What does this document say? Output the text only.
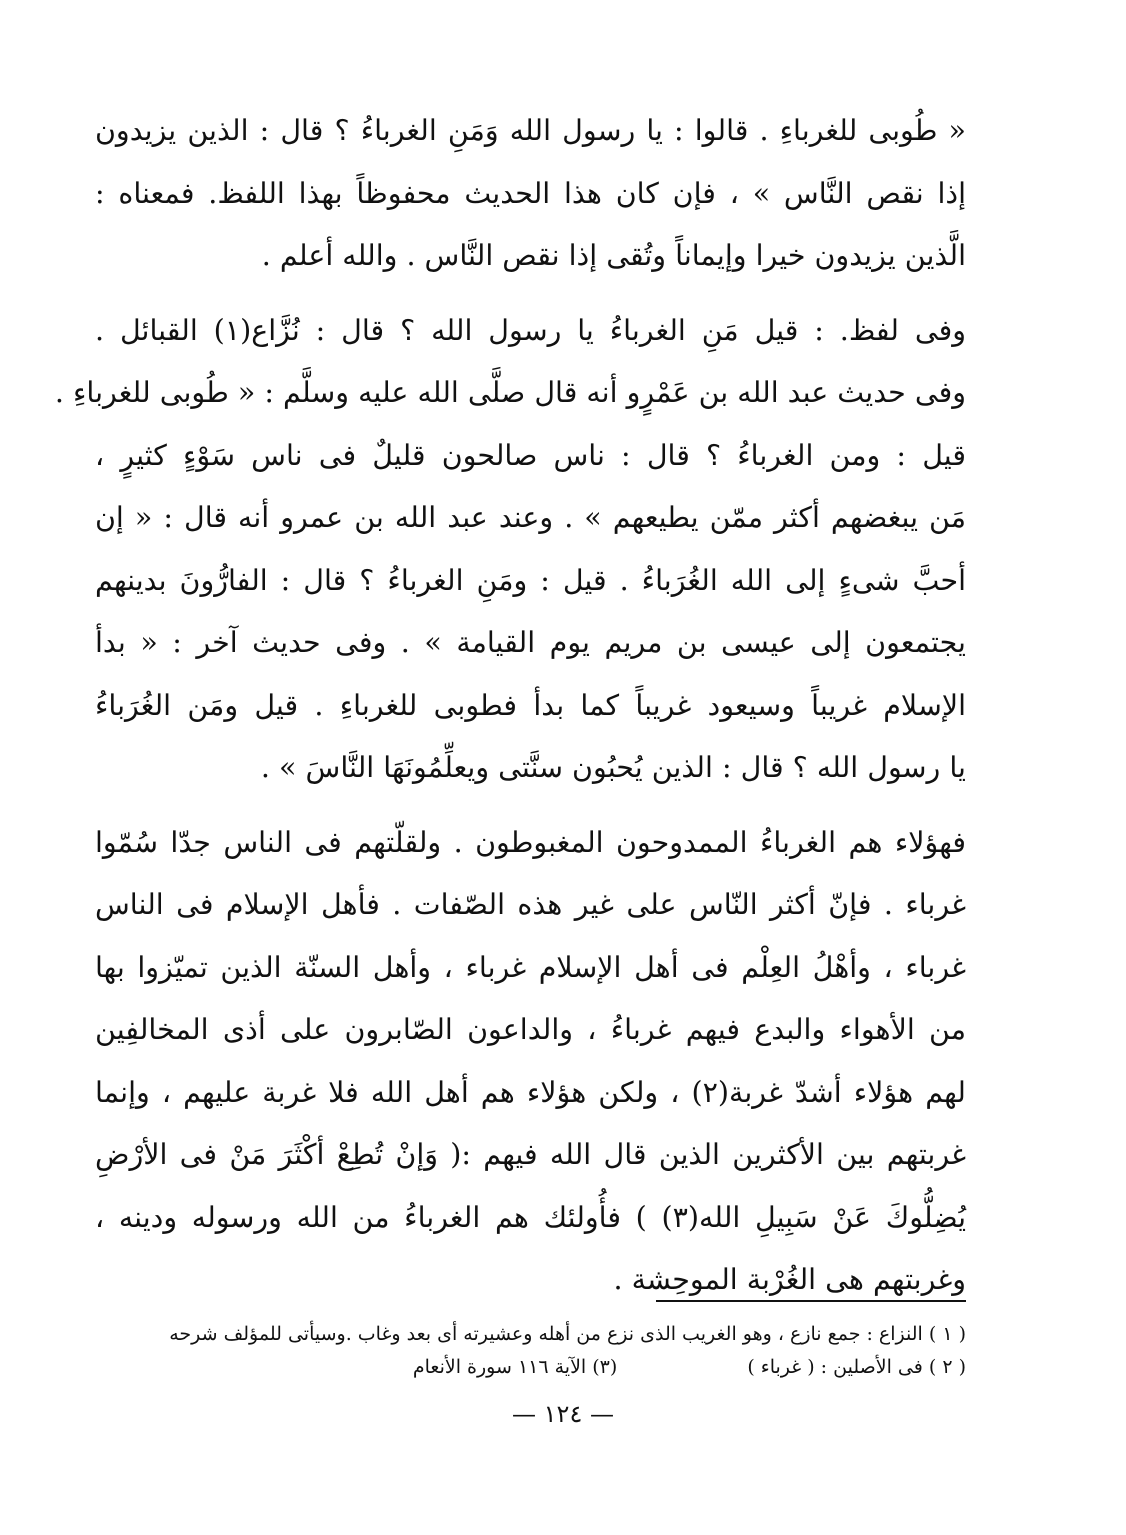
« طُوبى للغرباءِ . قالوا : يا رسول الله وَمَنِ الغرباءُ ؟ قال : الذين يزيدون
إذا نقص النَّاس » ، فإن كان هذا الحديث محفوظاً بهذا اللفظ. فمعناه :
الَّذين يزيدون خيرا وإيماناً وتُقى إذا نقص النَّاس . والله أعلم .
وفى لفظ. : قيل مَنِ الغرباءُ يا رسول الله ؟ قال : نُزَّاع(١) القبائل .
وفى حديث عبد الله بن عَمْرٍو أنه قال صلَّى الله عليه وسلَّم : « طُوبى للغرباءِ .
قيل : ومن الغرباءُ ؟ قال : ناس صالحون قليلٌ فى ناس سَوْءٍ كثيرٍ ،
مَن يبغضهم أكثر ممّن يطيعهم » . وعند عبد الله بن عمرو أنه قال : « إن
أحبَّ شىءٍ إلى الله الغُرَباءُ . قيل : ومَنِ الغرباءُ ؟ قال : الفارُّونَ بدينهم
يجتمعون إلى عيسى بن مريم يوم القيامة » . وفى حديث آخر : « بدأ
الإسلام غريباً وسيعود غريباً كما بدأ فطوبى للغرباءِ . قيل ومَن الغُرَباءُ
يا رسول الله ؟ قال : الذين يُحبُون سنَّتى ويعلِّمُونَهَا النَّاسَ » .
فهؤلاء هم الغرباءُ الممدوحون المغبوطون . ولقلّتهم فى الناس جدّا سُمّوا
غرباء . فإنّ أكثر النّاس على غير هذه الصّفات . فأهل الإسلام فى الناس
غرباء ، وأهْلُ العِلْم فى أهل الإسلام غرباء ، وأهل السنّة الذين تميّزوا بها
من الأهواء والبدع فيهم غرباءُ ، والداعون الصّابرون على أذى المخالفِين
لهم هؤلاء أشدّ غربة(٢) ، ولكن هؤلاء هم أهل الله فلا غربة عليهم ، وإنما
غربتهم بين الأكثرين الذين قال الله فيهم :( وَإنْ تُطِعْ أكْثَرَ مَنْ فى الأرْضِ
يُضِلُّوكَ عَنْ سَبِيلِ الله(٣) ) فأُولئك هم الغرباءُ من الله ورسوله ودينه ،
وغربتهم هى الغُرْبة الموحِشة .
( ١ ) النزاع : جمع نازع ، وهو الغريب الذى نزع من أهله وعشيرته أى بعد وغاب .وسيأتى للمؤلف شرحه
( ٢ ) فى الأصلين : ( غرباء )
(٣) الآية ١١٦ سورة الأنعام
— ١٢٤ —
